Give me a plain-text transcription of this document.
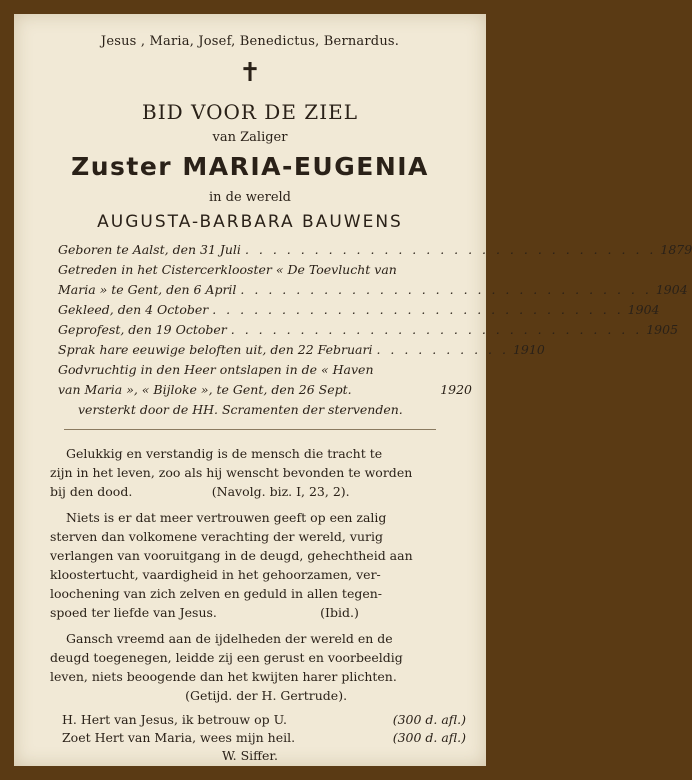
Jesus , Maria, Josef, Benedictus, Bernardus.
✝
BID VOOR DE ZIEL
van Zaliger
Zuster MARIA-EUGENIA
in de wereld
AUGUSTA-BARBARA BAUWENS
Geboren te Aalst, den 31 Juli . . . . . . . . . . . . . . . . . . . . . . . . . . . . . . 1879
Getreden in het Cistercerklooster « De Toevlucht van
Maria » te Gent, den 6 April . . . . . . . . . . . . . . . . . . . . . . . . . . . . . . 1904
Gekleed, den 4 October . . . . . . . . . . . . . . . . . . . . . . . . . . . . . . 1904
Geprofest, den 19 October . . . . . . . . . . . . . . . . . . . . . . . . . . . . . . 1905
Sprak hare eeuwige beloften uit, den 22 Februari . . . . . . . . . . 1910
Godvruchtig in den Heer ontslapen in de « Haven
van Maria », « Bijloke », te Gent, den 26 Sept.	1920
versterkt door de HH. Scramenten der stervenden.
Gelukkig en verstandig is de mensch die tracht te
zijn in het leven, zoo als hij wenscht bevonden te worden
bij den dood.                    (Navolg. biz. I, 23, 2).
Niets is er dat meer vertrouwen geeft op een zalig
sterven dan volkomene verachting der wereld, vurig
verlangen van vooruitgang in de deugd, gehechtheid aan
kloostertucht, vaardigheid in het gehoorzamen, ver-
loochening van zich zelven en geduld in allen tegen-
spoed ter liefde van Jesus.                          (Ibid.)
Gansch vreemd aan de ijdelheden der wereld en de
deugd toegenegen, leidde zij een gerust en voorbeeldig
leven, niets beoogende dan het kwijten harer plichten.
(Getijd. der H. Gertrude).
H. Hert van Jesus, ik betrouw op U.	(300 d. afl.)
Zoet Hert van Maria, wees mijn heil.	(300 d. afl.)
W. Siffer.
